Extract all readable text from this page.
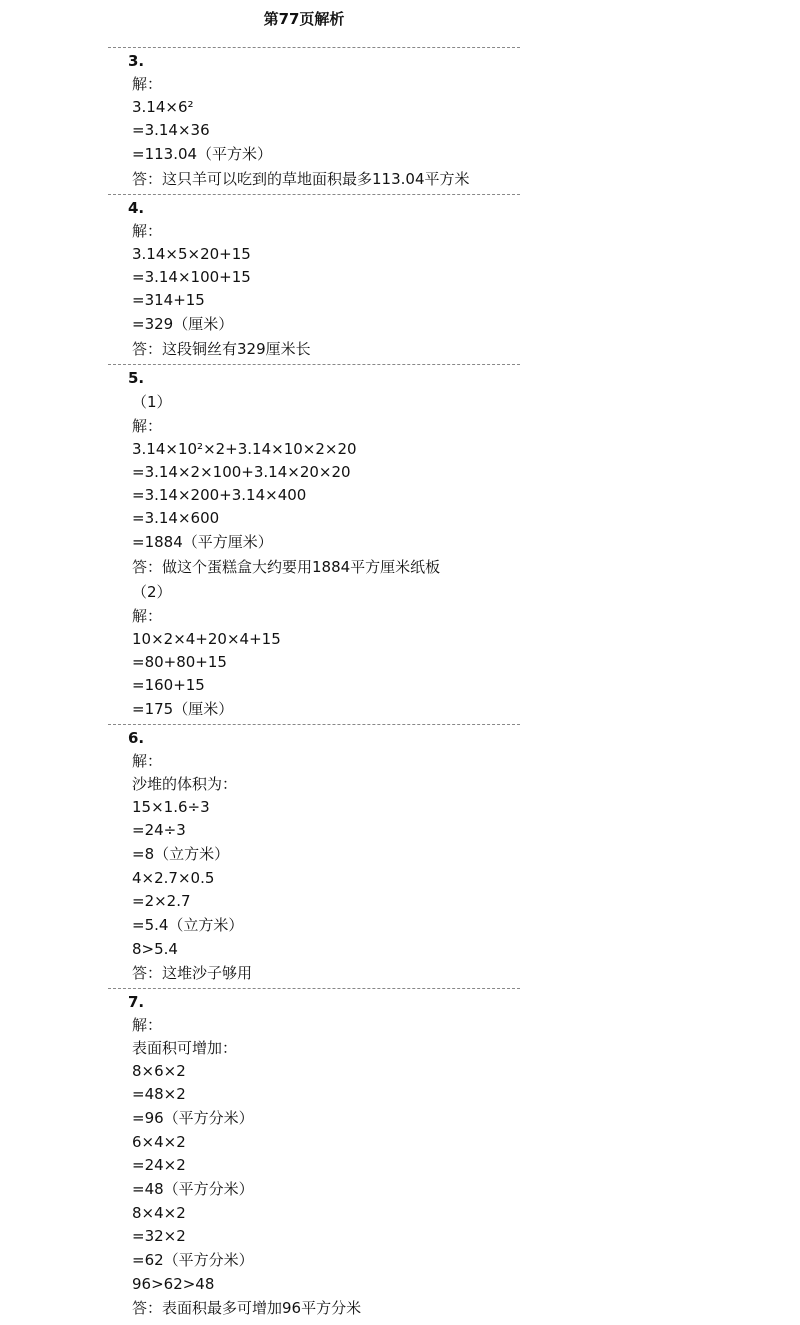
第77页解析
3.
解：
3.14×6²
=3.14×36
=113.04（平方米）
答：这只羊可以吃到的草地面积最多113.04平方米
4.
解：
3.14×5×20+15
=3.14×100+15
=314+15
=329（厘米）
答：这段铜丝有329厘米长
5.
（1）
解：
3.14×10²×2+3.14×10×2×20
=3.14×2×100+3.14×20×20
=3.14×200+3.14×400
=3.14×600
=1884（平方厘米）
答：做这个蛋糕盒大约要用1884平方厘米纸板
（2）
解：
10×2×4+20×4+15
=80+80+15
=160+15
=175（厘米）
6.
解：
沙堆的体积为：
15×1.6÷3
=24÷3
=8（立方米）
4×2.7×0.5
=2×2.7
=5.4（立方米）
8>5.4
答：这堆沙子够用
7.
解：
表面积可增加：
8×6×2
=48×2
=96（平方分米）
6×4×2
=24×2
=48（平方分米）
8×4×2
=32×2
=62（平方分米）
96>62>48
答：表面积最多可增加96平方分米
